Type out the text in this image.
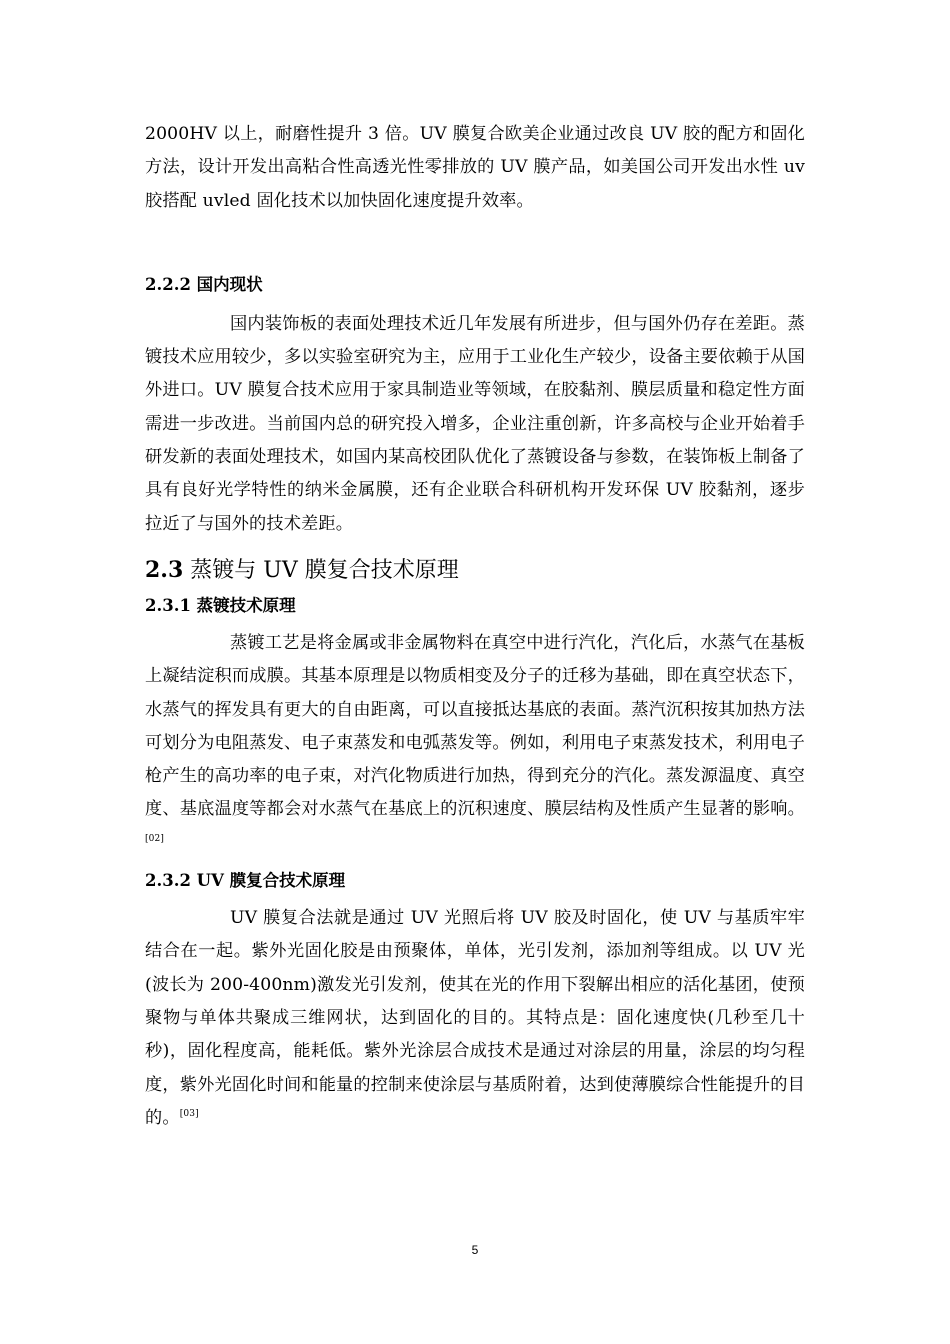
2000HV 以上，耐磨性提升 3 倍。UV 膜复合欧美企业通过改良 UV 胶的配方和固化方法，设计开发出高粘合性高透光性零排放的 UV 膜产品，如美国公司开发出水性 uv 胶搭配 uvled 固化技术以加快固化速度提升效率。

2.2.2 国内现状

国内装饰板的表面处理技术近几年发展有所进步，但与国外仍存在差距。蒸镀技术应用较少，多以实验室研究为主，应用于工业化生产较少，设备主要依赖于从国外进口。UV 膜复合技术应用于家具制造业等领域，在胶黏剂、膜层质量和稳定性方面需进一步改进。当前国内总的研究投入增多，企业注重创新，许多高校与企业开始着手研发新的表面处理技术，如国内某高校团队优化了蒸镀设备与参数，在装饰板上制备了具有良好光学特性的纳米金属膜，还有企业联合科研机构开发环保 UV 胶黏剂，逐步拉近了与国外的技术差距。

2.3 蒸镀与 UV 膜复合技术原理
2.3.1 蒸镀技术原理

蒸镀工艺是将金属或非金属物料在真空中进行汽化，汽化后，水蒸气在基板上凝结淀积而成膜。其基本原理是以物质相变及分子的迁移为基础，即在真空状态下，水蒸气的挥发具有更大的自由距离，可以直接抵达基底的表面。蒸汽沉积按其加热方法可划分为电阻蒸发、电子束蒸发和电弧蒸发等。例如，利用电子束蒸发技术，利用电子枪产生的高功率的电子束，对汽化物质进行加热，得到充分的汽化。蒸发源温度、真空度、基底温度等都会对水蒸气在基底上的沉积速度、膜层结构及性质产生显著的影响。[02]

2.3.2 UV 膜复合技术原理

UV 膜复合法就是通过 UV 光照后将 UV 胶及时固化，使 UV 与基质牢牢结合在一起。紫外光固化胶是由预聚体，单体，光引发剂，添加剂等组成。以 UV 光(波长为 200-400nm)激发光引发剂，使其在光的作用下裂解出相应的活化基团，使预聚物与单体共聚成三维网状，达到固化的目的。其特点是：固化速度快(几秒至几十秒)，固化程度高，能耗低。紫外光涂层合成技术是通过对涂层的用量，涂层的均匀程度，紫外光固化时间和能量的控制来使涂层与基质附着，达到使薄膜综合性能提升的目的。[03]

5
